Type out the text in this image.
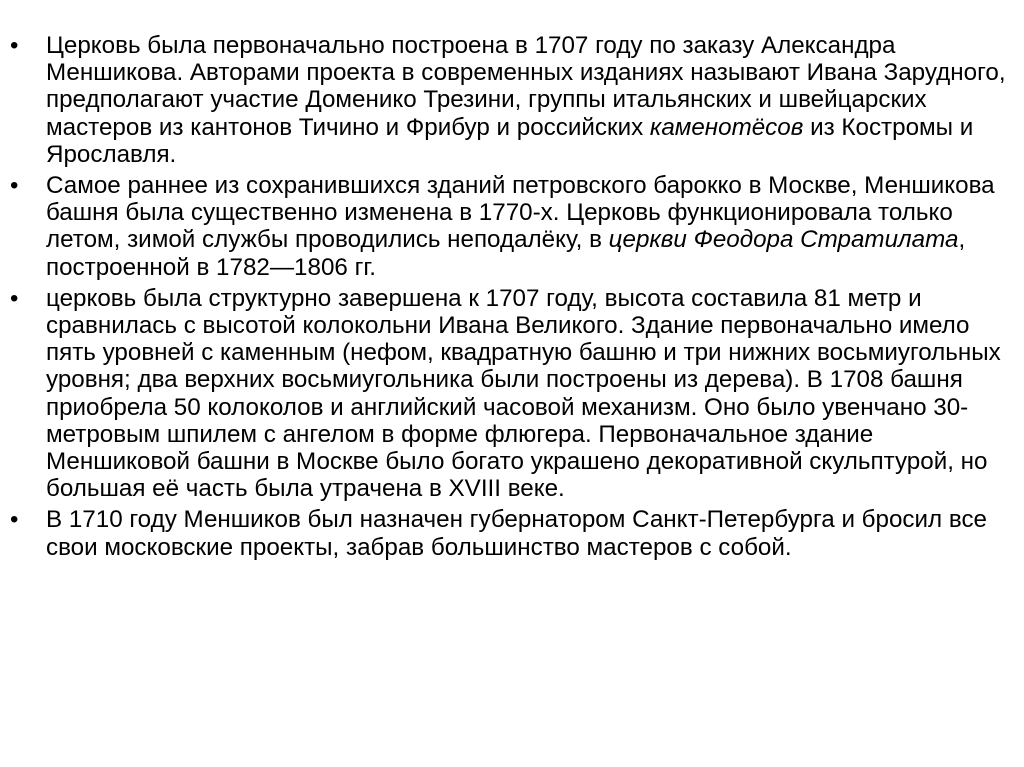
• Церковь была первоначально построена в 1707 году по заказу Александра Меншикова. Авторами проекта в современных изданиях называют Ивана Зарудного, предполагают участие Доменико Трезини, группы итальянских и швейцарских мастеров из кантонов Тичино и Фрибур и российских каменотёсов из Костромы и Ярославля.
• Самое раннее из сохранившихся зданий петровского барокко в Москве, Меншикова башня была существенно изменена в 1770-х. Церковь функционировала только летом, зимой службы проводились неподалёку, в церкви Феодора Стратилата, построенной в 1782—1806 гг.
• церковь была структурно завершена к 1707 году, высота составила 81 метр и сравнилась с высотой колокольни Ивана Великого. Здание первоначально имело пять уровней с каменным (нефом, квадратную башню и три нижних восьмиугольных уровня; два верхних восьмиугольника были построены из дерева). В 1708 башня приобрела 50 колоколов и английский часовой механизм. Оно было увенчано 30-метровым шпилем с ангелом в форме флюгера. Первоначальное здание Меншиковой башни в Москве было богато украшено декоративной скульптурой, но большая её часть была утрачена в XVIII веке.
• В 1710 году Меншиков был назначен губернатором Санкт-Петербурга и бросил все свои московские проекты, забрав большинство мастеров с собой.
